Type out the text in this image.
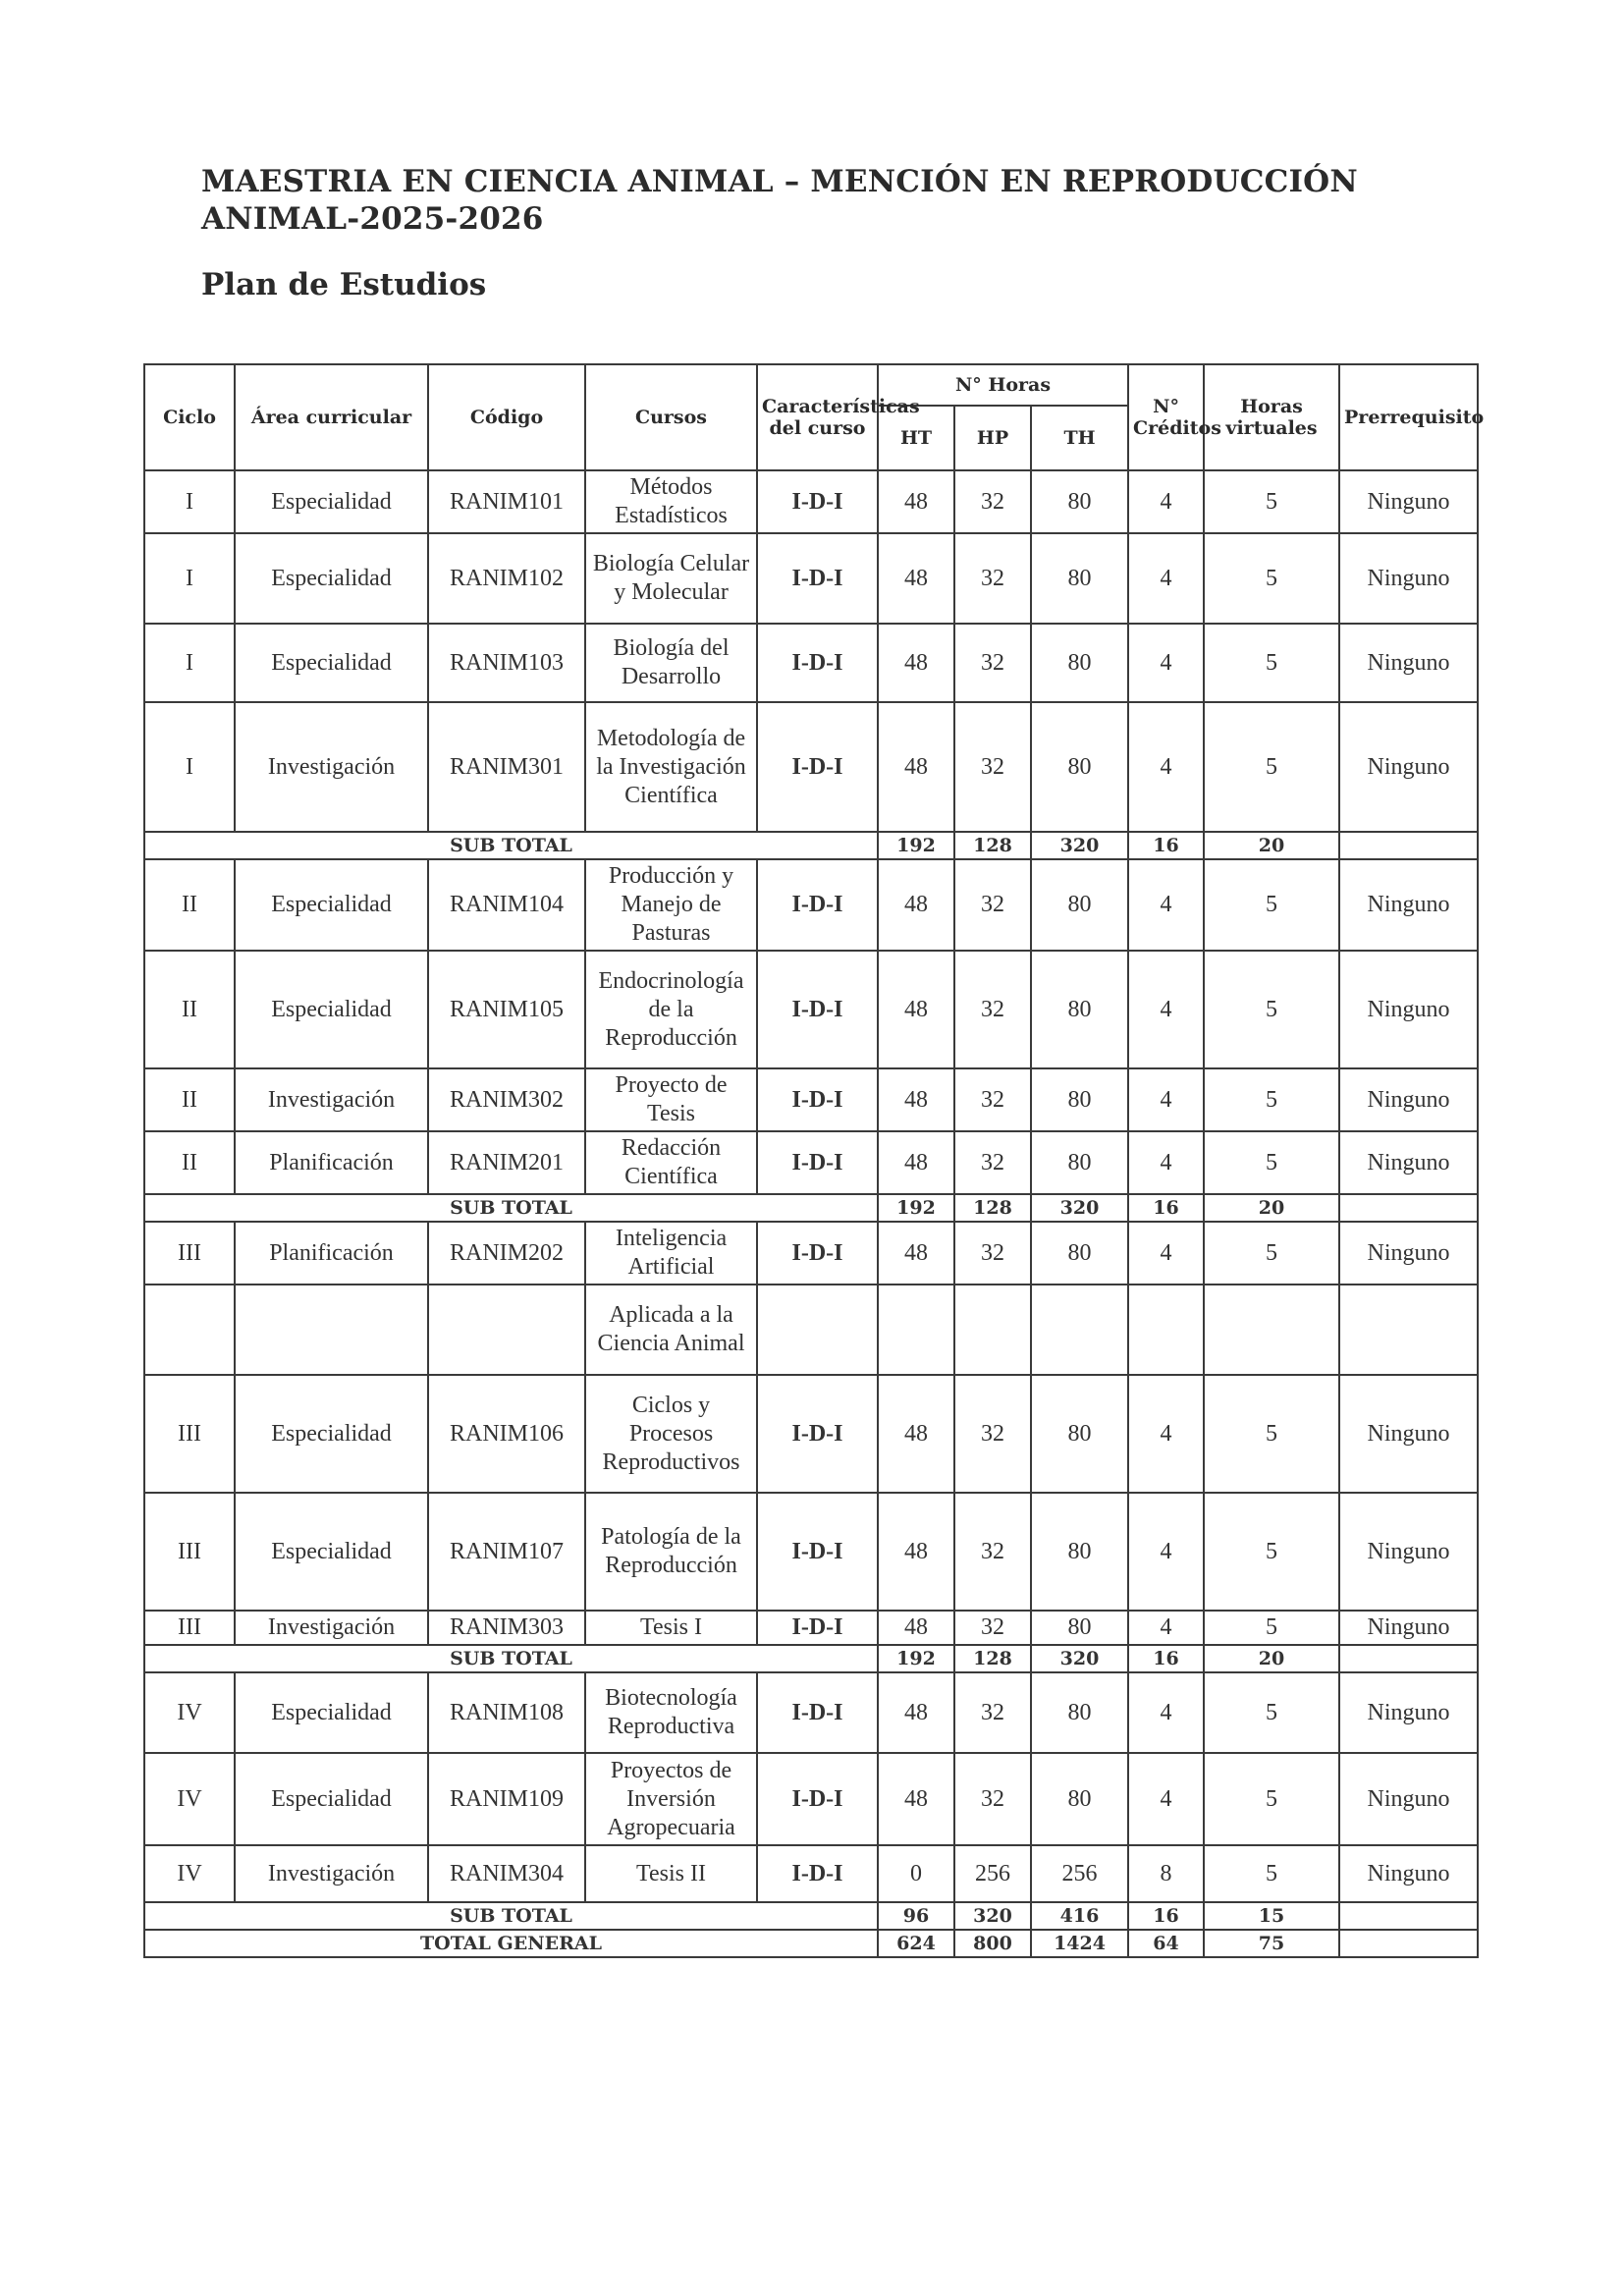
MAESTRIA EN CIENCIA ANIMAL – MENCIÓN EN REPRODUCCIÓN ANIMAL-2025-2026
Plan de Estudios
Ciclo	Área curricular	Código	Cursos	Características del curso	N° Horas			N° Créditos	Horas virtuales	Prerrequisito
					HT	HP	TH			
I	Especialidad	RANIM101	Métodos Estadísticos	I-D-I	48	32	80	4	5	Ninguno
I	Especialidad	RANIM102	Biología Celular y Molecular	I-D-I	48	32	80	4	5	Ninguno
I	Especialidad	RANIM103	Biología del Desarrollo	I-D-I	48	32	80	4	5	Ninguno
I	Investigación	RANIM301	Metodología de la Investigación Científica	I-D-I	48	32	80	4	5	Ninguno
SUB TOTAL					192	128	320	16	20	
II	Especialidad	RANIM104	Producción y Manejo de Pasturas	I-D-I	48	32	80	4	5	Ninguno
II	Especialidad	RANIM105	Endocrinología de la Reproducción	I-D-I	48	32	80	4	5	Ninguno
II	Investigación	RANIM302	Proyecto de Tesis	I-D-I	48	32	80	4	5	Ninguno
II	Planificación	RANIM201	Redacción Científica	I-D-I	48	32	80	4	5	Ninguno
SUB TOTAL					192	128	320	16	20	
III	Planificación	RANIM202	Inteligencia Artificial	I-D-I	48	32	80	4	5	Ninguno
			Aplicada a la Ciencia Animal							
III	Especialidad	RANIM106	Ciclos y Procesos Reproductivos	I-D-I	48	32	80	4	5	Ninguno
III	Especialidad	RANIM107	Patología de la Reproducción	I-D-I	48	32	80	4	5	Ninguno
III	Investigación	RANIM303	Tesis I	I-D-I	48	32	80	4	5	Ninguno
SUB TOTAL					192	128	320	16	20	
IV	Especialidad	RANIM108	Biotecnología Reproductiva	I-D-I	48	32	80	4	5	Ninguno
IV	Especialidad	RANIM109	Proyectos de Inversión Agropecuaria	I-D-I	48	32	80	4	5	Ninguno
IV	Investigación	RANIM304	Tesis II	I-D-I	0	256	256	8	5	Ninguno
SUB TOTAL					96	320	416	16	15	
TOTAL GENERAL					624	800	1424	64	75	
